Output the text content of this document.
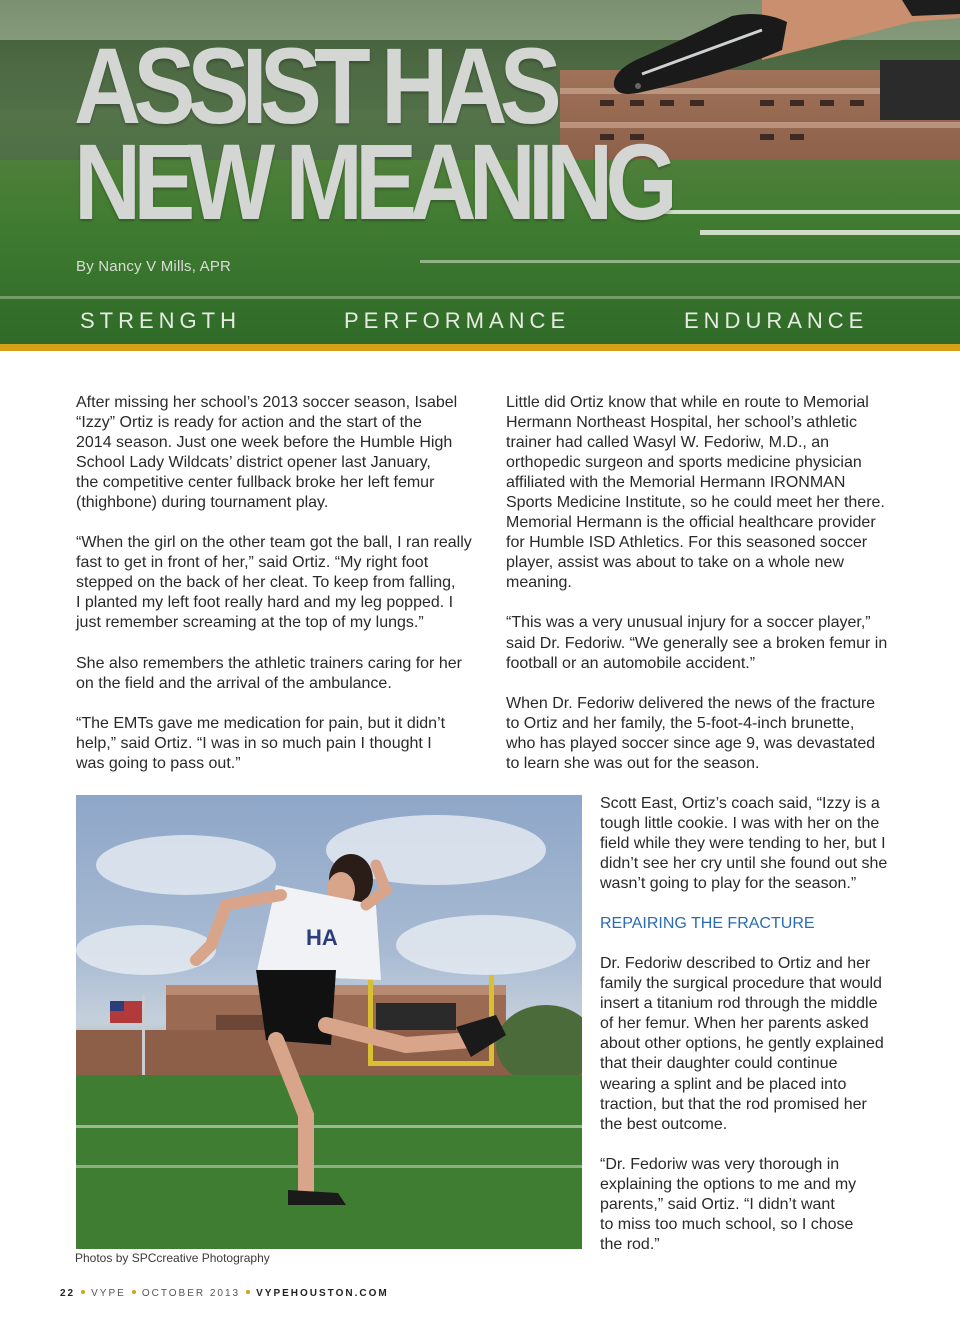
ASSIST HAS
NEW MEANING
By Nancy V Mills, APR
STRENGTH	PERFORMANCE	ENDURANCE

After missing her school’s 2013 soccer season, Isabel
“Izzy” Ortiz is ready for action and the start of the
2014 season. Just one week before the Humble High
School Lady Wildcats’ district opener last January,
the competitive center fullback broke her left femur
(thighbone) during tournament play.

“When the girl on the other team got the ball, I ran really
fast to get in front of her,” said Ortiz. “My right foot
stepped on the back of her cleat. To keep from falling,
I planted my left foot really hard and my leg popped. I
just remember screaming at the top of my lungs.”

She also remembers the athletic trainers caring for her
on the field and the arrival of the ambulance.

“The EMTs gave me medication for pain, but it didn’t
help,” said Ortiz. “I was in so much pain I thought I
was going to pass out.”

Little did Ortiz know that while en route to Memorial
Hermann Northeast Hospital, her school’s athletic
trainer had called Wasyl W. Fedoriw, M.D., an
orthopedic surgeon and sports medicine physician
affiliated with the Memorial Hermann IRONMAN
Sports Medicine Institute, so he could meet her there.
Memorial Hermann is the official healthcare provider
for Humble ISD Athletics. For this seasoned soccer
player, assist was about to take on a whole new
meaning.

“This was a very unusual injury for a soccer player,”
said Dr. Fedoriw. “We generally see a broken femur in
football or an automobile accident.”

When Dr. Fedoriw delivered the news of the fracture
to Ortiz and her family, the 5-foot-4-inch brunette,
who has played soccer since age 9, was devastated
to learn she was out for the season.

HA
Photos by SPCcreative Photography

Scott East, Ortiz’s coach said, “Izzy is a
tough little cookie. I was with her on the
field while they were tending to her, but I
didn’t see her cry until she found out she
wasn’t going to play for the season.”

REPAIRING THE FRACTURE

Dr. Fedoriw described to Ortiz and her
family the surgical procedure that would
insert a titanium rod through the middle
of her femur. When her parents asked
about other options, he gently explained
that their daughter could continue
wearing a splint and be placed into
traction, but that the rod promised her
the best outcome.

“Dr. Fedoriw was very thorough in
explaining the options to me and my
parents,” said Ortiz. “I didn’t want
to miss too much school, so I chose
the rod.”

22 VYPE OCTOBER 2013 VYPEHOUSTON.COM
